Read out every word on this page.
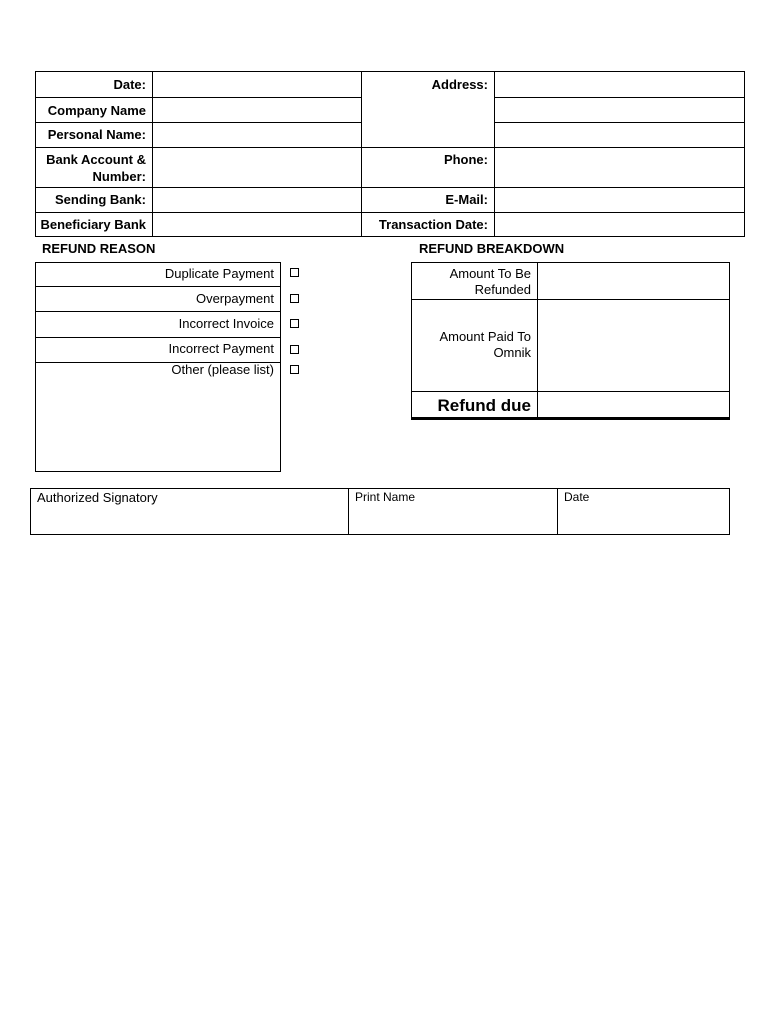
Date:
Company Name
Personal Name:
Bank Account &
Number:
Sending Bank:
Beneficiary Bank
Address:
Phone:
E-Mail:
Transaction Date:
REFUND REASON
Duplicate Payment
Overpayment
Incorrect Invoice
Incorrect Payment
Other (please list)
REFUND BREAKDOWN
Amount To Be
Refunded
Amount Paid To
Omnik
Refund due
Authorized Signatory	Print Name	Date
